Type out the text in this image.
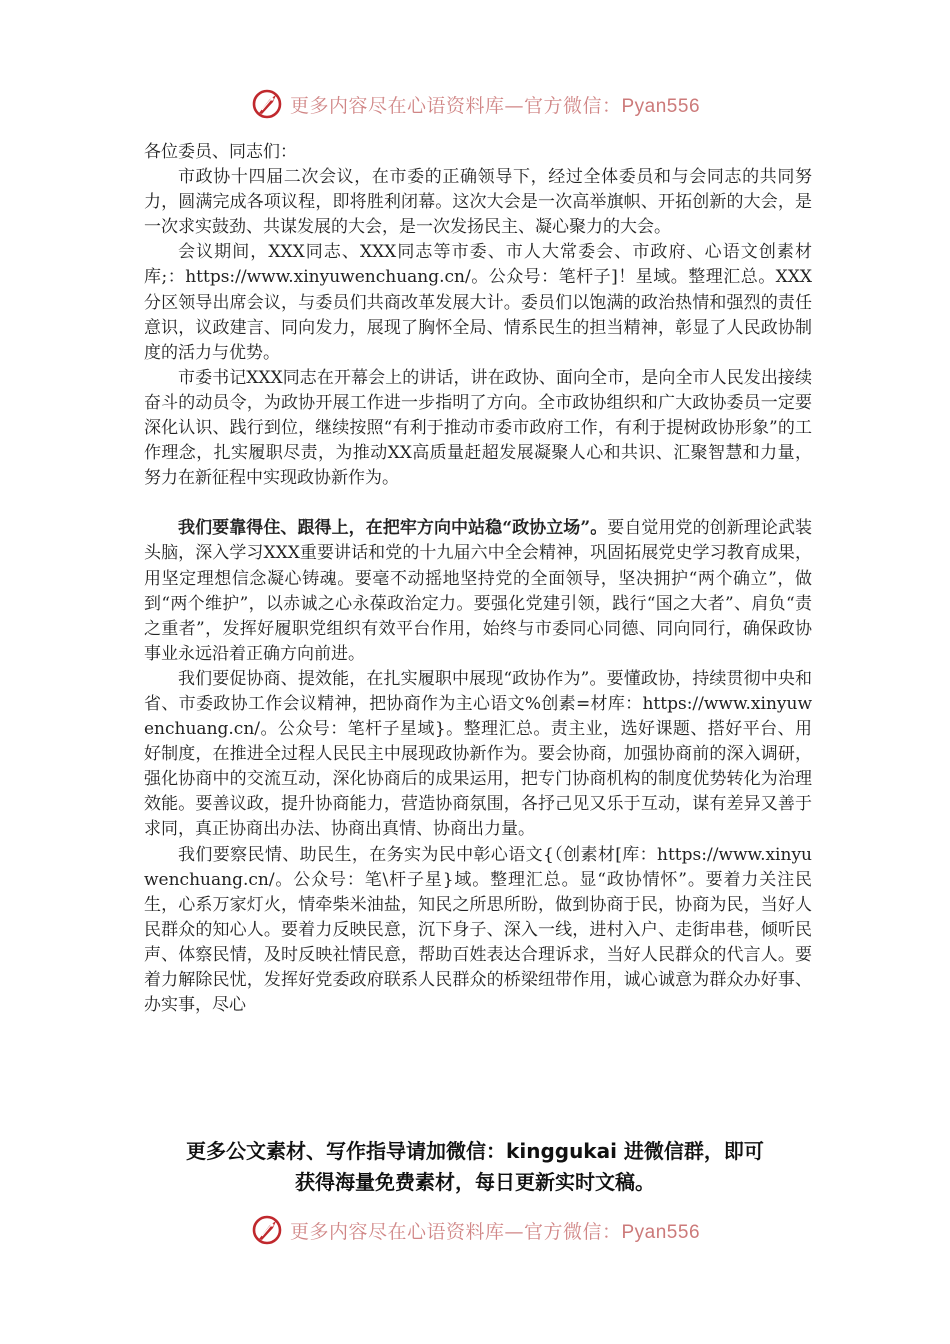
更多内容尽在心语资料库—官方微信：Pyan556

各位委员、同志们：

市政协十四届二次会议，在市委的正确领导下，经过全体委员和与会同志的共同努力，圆满完成各项议程，即将胜利闭幕。这次大会是一次高举旗帜、开拓创新的大会，是一次求实鼓劲、共谋发展的大会，是一次发扬民主、凝心聚力的大会。

会议期间，XXX同志、XXX同志等市委、市人大常委会、市政府、心语文创素材库;：https://www.xinyuwenchuang.cn/。公众号：笔杆子]！星域。整理汇总。XXX分区领导出席会议，与委员们共商改革发展大计。委员们以饱满的政治热情和强烈的责任意识，议政建言、同向发力，展现了胸怀全局、情系民生的担当精神，彰显了人民政协制度的活力与优势。

市委书记XXX同志在开幕会上的讲话，讲在政协、面向全市，是向全市人民发出接续奋斗的动员令，为政协开展工作进一步指明了方向。全市政协组织和广大政协委员一定要深化认识、践行到位，继续按照“有利于推动市委市政府工作，有利于提树政协形象”的工作理念，扎实履职尽责，为推动XX高质量赶超发展凝聚人心和共识、汇聚智慧和力量，努力在新征程中实现政协新作为。

我们要靠得住、跟得上，在把牢方向中站稳“政协立场”。要自觉用党的创新理论武装头脑，深入学习XXX重要讲话和党的十九届六中全会精神，巩固拓展党史学习教育成果，用坚定理想信念凝心铸魂。要毫不动摇地坚持党的全面领导，坚决拥护“两个确立”，做到“两个维护”，以赤诚之心永葆政治定力。要强化党建引领，践行“国之大者”、肩负“责之重者”，发挥好履职党组织有效平台作用，始终与市委同心同德、同向同行，确保政协事业永远沿着正确方向前进。

我们要促协商、提效能，在扎实履职中展现“政协作为”。要懂政协，持续贯彻中央和省、市委政协工作会议精神，把协商作为主心语文%创素=材库：https://www.xinyuwenchuang.cn/。公众号：笔杆子星域}。整理汇总。责主业，选好课题、搭好平台、用好制度，在推进全过程人民民主中展现政协新作为。要会协商，加强协商前的深入调研，强化协商中的交流互动，深化协商后的成果运用，把专门协商机构的制度优势转化为治理效能。要善议政，提升协商能力，营造协商氛围，各抒己见又乐于互动，谋有差异又善于求同，真正协商出办法、协商出真情、协商出力量。

我们要察民情、助民生，在务实为民中彰心语文{（创素材[库：https://www.xinyuwenchuang.cn/。公众号：笔\杆子星}域。整理汇总。显“政协情怀”。要着力关注民生，心系万家灯火，情牵柴米油盐，知民之所思所盼，做到协商于民，协商为民，当好人民群众的知心人。要着力反映民意，沉下身子、深入一线，进村入户、走街串巷，倾听民声、体察民情，及时反映社情民意，帮助百姓表达合理诉求，当好人民群众的代言人。要着力解除民忧，发挥好党委政府联系人民群众的桥梁纽带作用，诚心诚意为群众办好事、办实事，尽心

更多公文素材、写作指导请加微信：kinggukai 进微信群，即可
获得海量免费素材，每日更新实时文稿。
更多内容尽在心语资料库—官方微信：Pyan556
